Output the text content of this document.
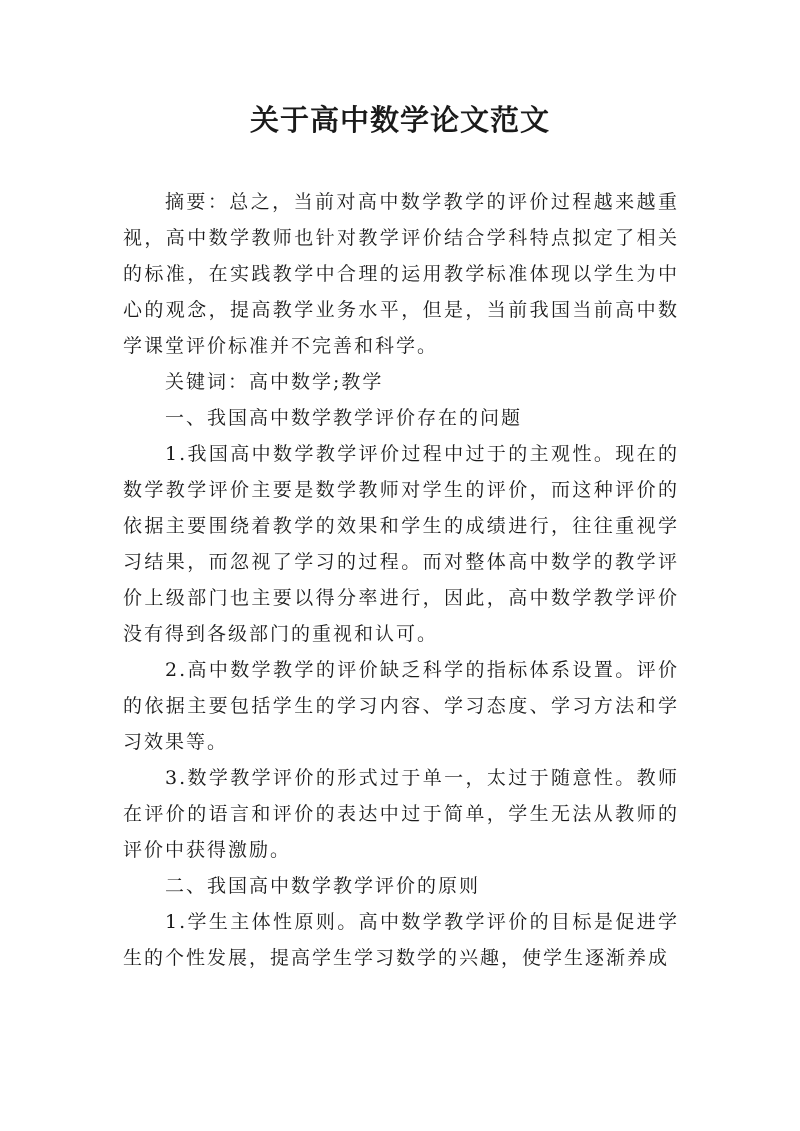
关于高中数学论文范文

摘要：总之，当前对高中数学教学的评价过程越来越重视，高中数学教师也针对教学评价结合学科特点拟定了相关的标准，在实践教学中合理的运用教学标准体现以学生为中心的观念，提高教学业务水平，但是，当前我国当前高中数学课堂评价标准并不完善和科学。

关键词：高中数学;教学

一、我国高中数学教学评价存在的问题

1.我国高中数学教学评价过程中过于的主观性。现在的数学教学评价主要是数学教师对学生的评价，而这种评价的依据主要围绕着教学的效果和学生的成绩进行，往往重视学习结果，而忽视了学习的过程。而对整体高中数学的教学评价上级部门也主要以得分率进行，因此，高中数学教学评价没有得到各级部门的重视和认可。

2.高中数学教学的评价缺乏科学的指标体系设置。评价的依据主要包括学生的学习内容、学习态度、学习方法和学习效果等。

3.数学教学评价的形式过于单一，太过于随意性。教师在评价的语言和评价的表达中过于简单，学生无法从教师的评价中获得激励。

二、我国高中数学教学评价的原则

1.学生主体性原则。高中数学教学评价的目标是促进学生的个性发展，提高学生学习数学的兴趣，使学生逐渐养成
